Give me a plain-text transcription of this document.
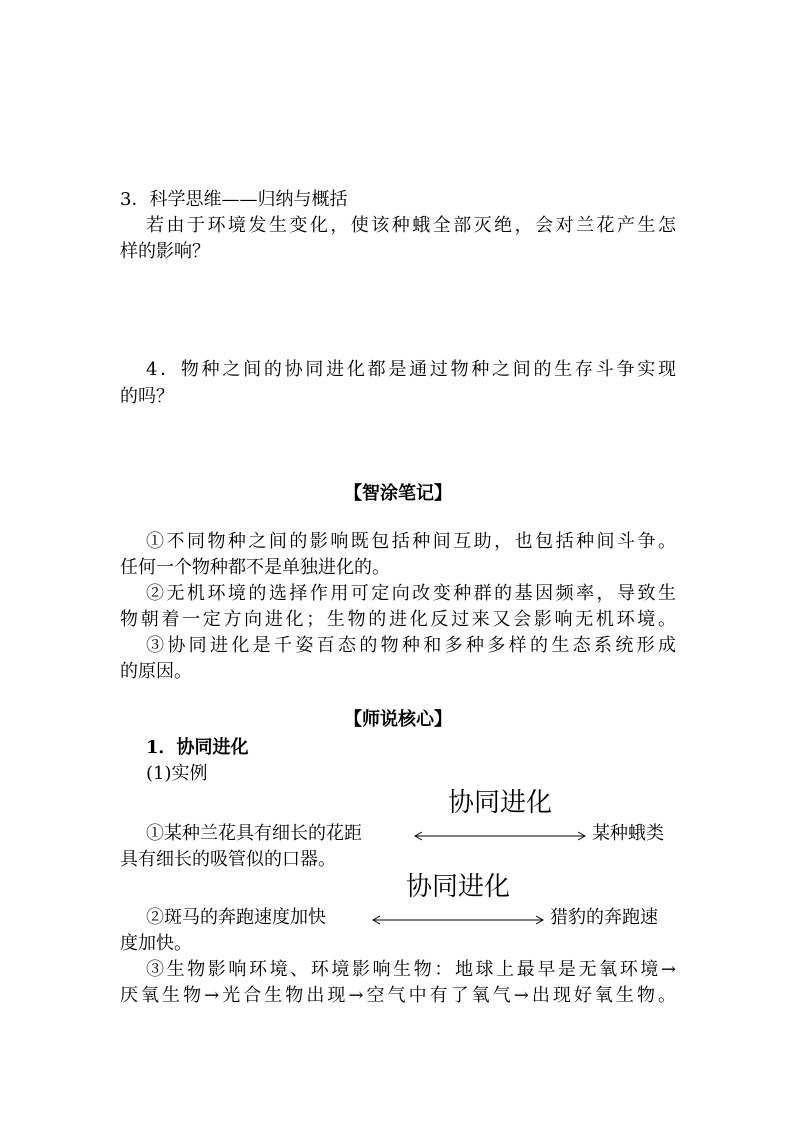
3．科学思维——归纳与概括
若由于环境发生变化，使该种蛾全部灭绝，会对兰花产生怎
样的影响？
4．物种之间的协同进化都是通过物种之间的生存斗争实现
的吗？
【智涂笔记】
①不同物种之间的影响既包括种间互助，也包括种间斗争。
任何一个物种都不是单独进化的。
②无机环境的选择作用可定向改变种群的基因频率，导致生
物朝着一定方向进化；生物的进化反过来又会影响无机环境。
③协同进化是千姿百态的物种和多种多样的生态系统形成
的原因。
【师说核心】
1．协同进化
(1)实例
协同进化
①某种兰花具有细长的花距	某种蛾类
具有细长的吸管似的口器。
协同进化
②斑马的奔跑速度加快	猎豹的奔跑速
度加快。
③生物影响环境、环境影响生物：地球上最早是无氧环境→
厌氧生物→光合生物出现→空气中有了氧气→出现好氧生物。
